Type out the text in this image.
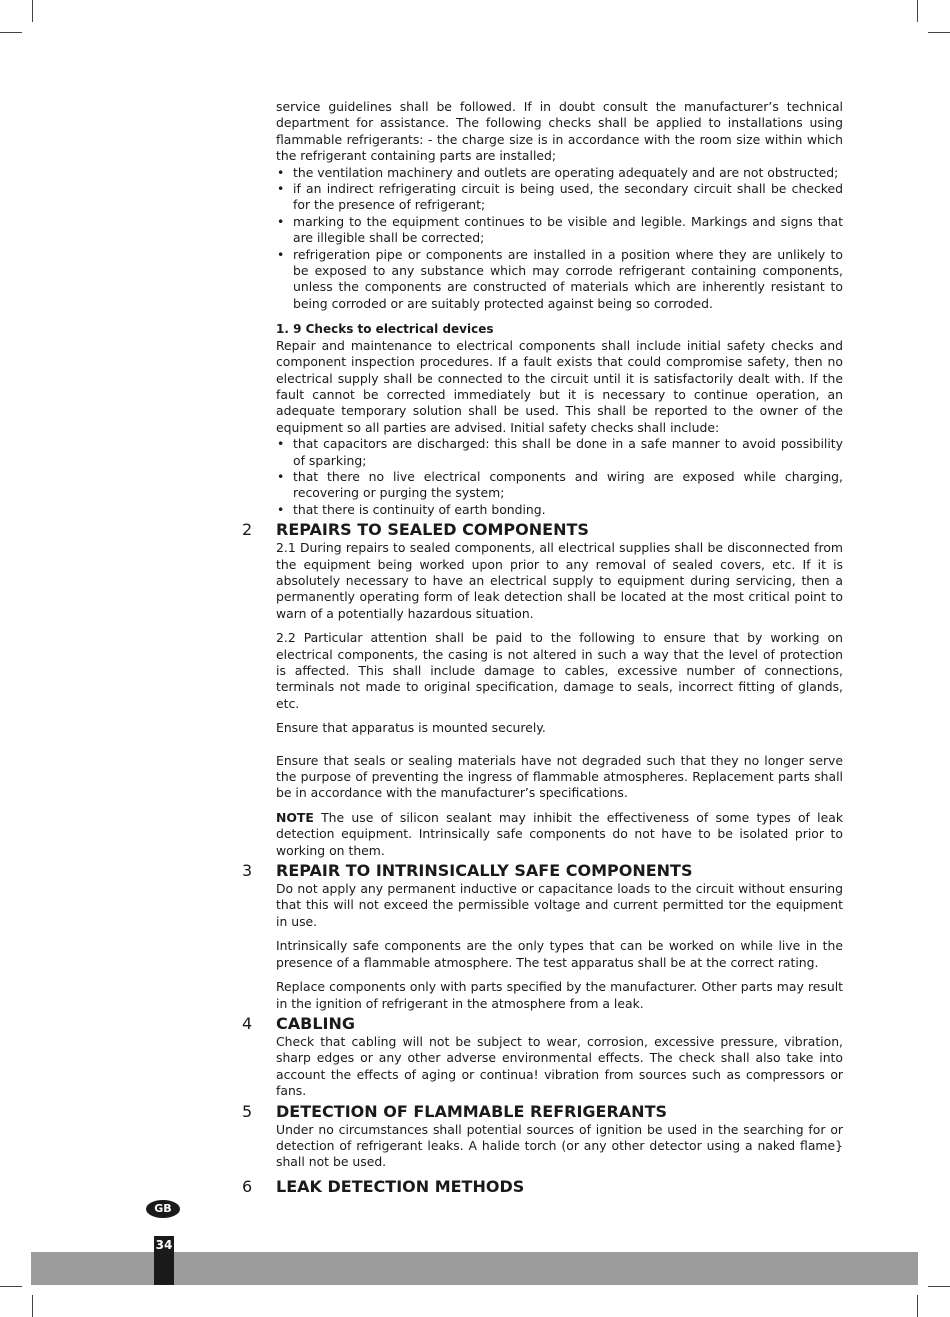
service guidelines shall be followed. If in doubt consult the manufacturer’s technical department for assistance. The following checks shall be applied to installations using flammable refrigerants: - the charge size is in accordance with the room size within which the refrigerant containing parts are installed;

• the ventilation machinery and outlets are operating adequately and are not obstructed;
• if an indirect refrigerating circuit is being used, the secondary circuit shall be checked for the presence of refrigerant;
• marking to the equipment continues to be visible and legible. Markings and signs that are illegible shall be corrected;
• refrigeration pipe or components are installed in a position where they are unlikely to be exposed to any substance which may corrode refrigerant containing components, unless the components are constructed of materials which are inherently resistant to being corroded or are suitably protected against being so corroded.

1. 9 Checks to electrical devices

Repair and maintenance to electrical components shall include initial safety checks and component inspection procedures. If a fault exists that could compromise safety, then no electrical supply shall be connected to the circuit until it is satisfactorily dealt with. If the fault cannot be corrected immediately but it is necessary to continue operation, an adequate temporary solution shall be used. This shall be reported to the owner of the equipment so all parties are advised. Initial safety checks shall include:

• that capacitors are discharged: this shall be done in a safe manner to avoid possibility of sparking;
• that there no live electrical components and wiring are exposed while charging, recovering or purging the system;
• that there is continuity of earth bonding.
2 REPAIRS TO SEALED COMPONENTS

2.1 During repairs to sealed components, all electrical supplies shall be disconnected from the equipment being worked upon prior to any removal of sealed covers, etc. If it is absolutely necessary to have an electrical supply to equipment during servicing, then a permanently operating form of leak detection shall be located at the most critical point to warn of a potentially hazardous situation.

2.2 Particular attention shall be paid to the following to ensure that by working on electrical components, the casing is not altered in such a way that the level of protection is affected. This shall include damage to cables, excessive number of connections, terminals not made to original specification, damage to seals, incorrect fitting of glands, etc.

Ensure that apparatus is mounted securely.

Ensure that seals or sealing materials have not degraded such that they no longer serve the purpose of preventing the ingress of flammable atmospheres. Replacement parts shall be in accordance with the manufacturer’s specifications.

NOTE The use of silicon sealant may inhibit the effectiveness of some types of leak detection equipment. Intrinsically safe components do not have to be isolated prior to working on them.

3 REPAIR TO INTRINSICALLY SAFE COMPONENTS

Do not apply any permanent inductive or capacitance loads to the circuit without ensuring that this will not exceed the permissible voltage and current permitted tor the equipment in use.

Intrinsically safe components are the only types that can be worked on while live in the presence of a flammable atmosphere. The test apparatus shall be at the correct rating.

Replace components only with parts specified by the manufacturer. Other parts may result in the ignition of refrigerant in the atmosphere from a leak.

4 CABLING

Check that cabling will not be subject to wear, corrosion, excessive pressure, vibration, sharp edges or any other adverse environmental effects. The check shall also take into account the effects of aging or continua! vibration from sources such as compressors or fans.

5 DETECTION OF FLAMMABLE REFRIGERANTS

Under no circumstances shall potential sources of ignition be used in the searching for or detection of refrigerant leaks. A halide torch (or any other detector using a naked flame} shall not be used.

6 LEAK DETECTION METHODS
GB
34
